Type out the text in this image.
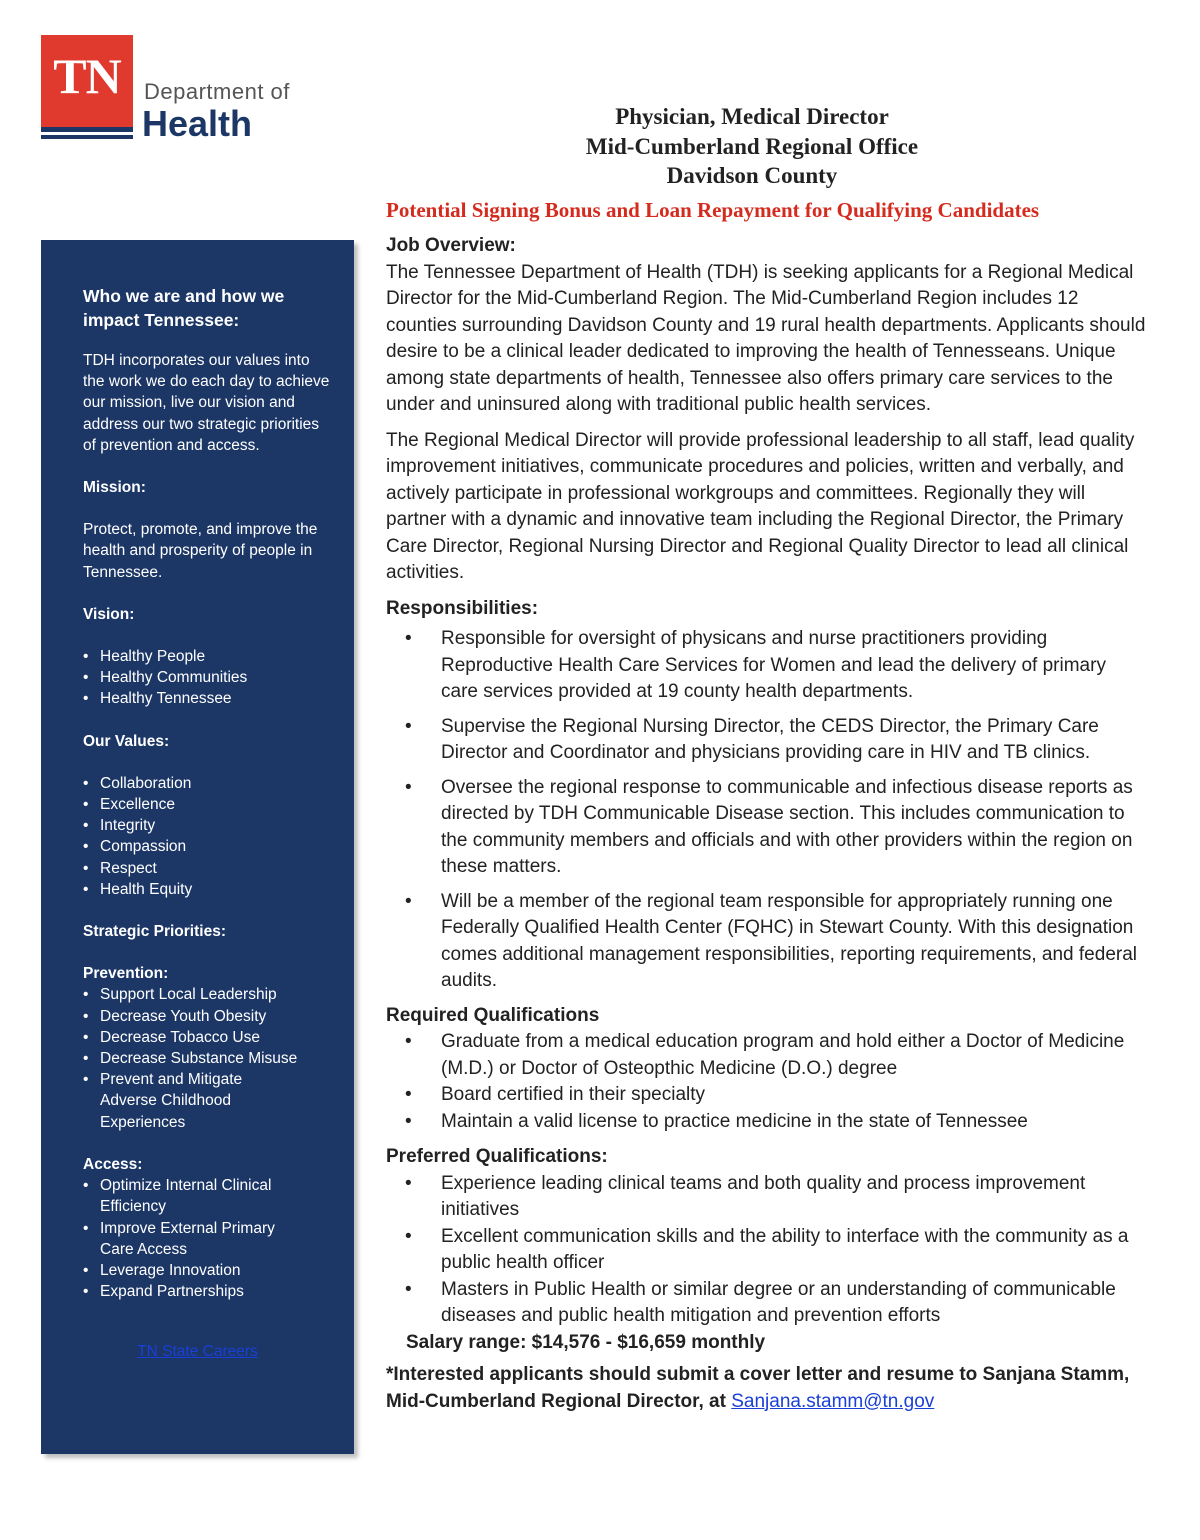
TN	Department of
Health	Physician, Medical Director
Mid-Cumberland Regional Office
Davidson County
Potential Signing Bonus and Loan Repayment for Qualifying Candidates
Who we are and how we impact Tennessee:
TDH incorporates our values into the work we do each day to achieve our mission, live our vision and address our two strategic priorities of prevention and access.
Mission:
Protect, promote, and improve the health and prosperity of people in Tennessee.
Vision:
• Healthy People
• Healthy Communities
• Healthy Tennessee
Our Values:
• Collaboration
• Excellence
• Integrity
• Compassion
• Respect
• Health Equity
Strategic Priorities:
Prevention:
• Support Local Leadership
• Decrease Youth Obesity
• Decrease Tobacco Use
• Decrease Substance Misuse
• Prevent and Mitigate Adverse Childhood Experiences
Access:
• Optimize Internal Clinical Efficiency
• Improve External Primary Care Access
• Leverage Innovation
• Expand Partnerships
TN State Careers

Job Overview:

The Tennessee Department of Health (TDH) is seeking applicants for a Regional Medical Director for the Mid-Cumberland Region. The Mid-Cumberland Region includes 12 counties surrounding Davidson County and 19 rural health departments. Applicants should desire to be a clinical leader dedicated to improving the health of Tennesseans. Unique among state departments of health, Tennessee also offers primary care services to the under and uninsured along with traditional public health services.

The Regional Medical Director will provide professional leadership to all staff, lead quality improvement initiatives, communicate procedures and policies, written and verbally, and actively participate in professional workgroups and committees. Regionally they will partner with a dynamic and innovative team including the Regional Director, the Primary Care Director, Regional Nursing Director and Regional Quality Director to lead all clinical activities.

Responsibilities:

• Responsible for oversight of physicans and nurse practitioners providing Reproductive Health Care Services for Women and lead the delivery of primary care services provided at 19 county health departments.
• Supervise the Regional Nursing Director, the CEDS Director, the Primary Care Director and Coordinator and physicians providing care in HIV and TB clinics.
• Oversee the regional response to communicable and infectious disease reports as directed by TDH Communicable Disease section. This includes communication to the community members and officials and with other providers within the region on these matters.
• Will be a member of the regional team responsible for appropriately running one Federally Qualified Health Center (FQHC) in Stewart County. With this designation comes additional management responsibilities, reporting requirements, and federal audits.

Required Qualifications

• Graduate from a medical education program and hold either a Doctor of Medicine (M.D.) or Doctor of Osteopthic Medicine (D.O.) degree
• Board certified in their specialty
• Maintain a valid license to practice medicine in the state of Tennessee

Preferred Qualifications:

• Experience leading clinical teams and both quality and process improvement initiatives
• Excellent communication skills and the ability to interface with the community as a public health officer
• Masters in Public Health or similar degree or an understanding of communicable diseases and public health mitigation and prevention efforts

Salary range: $14,576 - $16,659 monthly

*Interested applicants should submit a cover letter and resume to Sanjana Stamm, Mid-Cumberland Regional Director, at Sanjana.stamm@tn.gov
